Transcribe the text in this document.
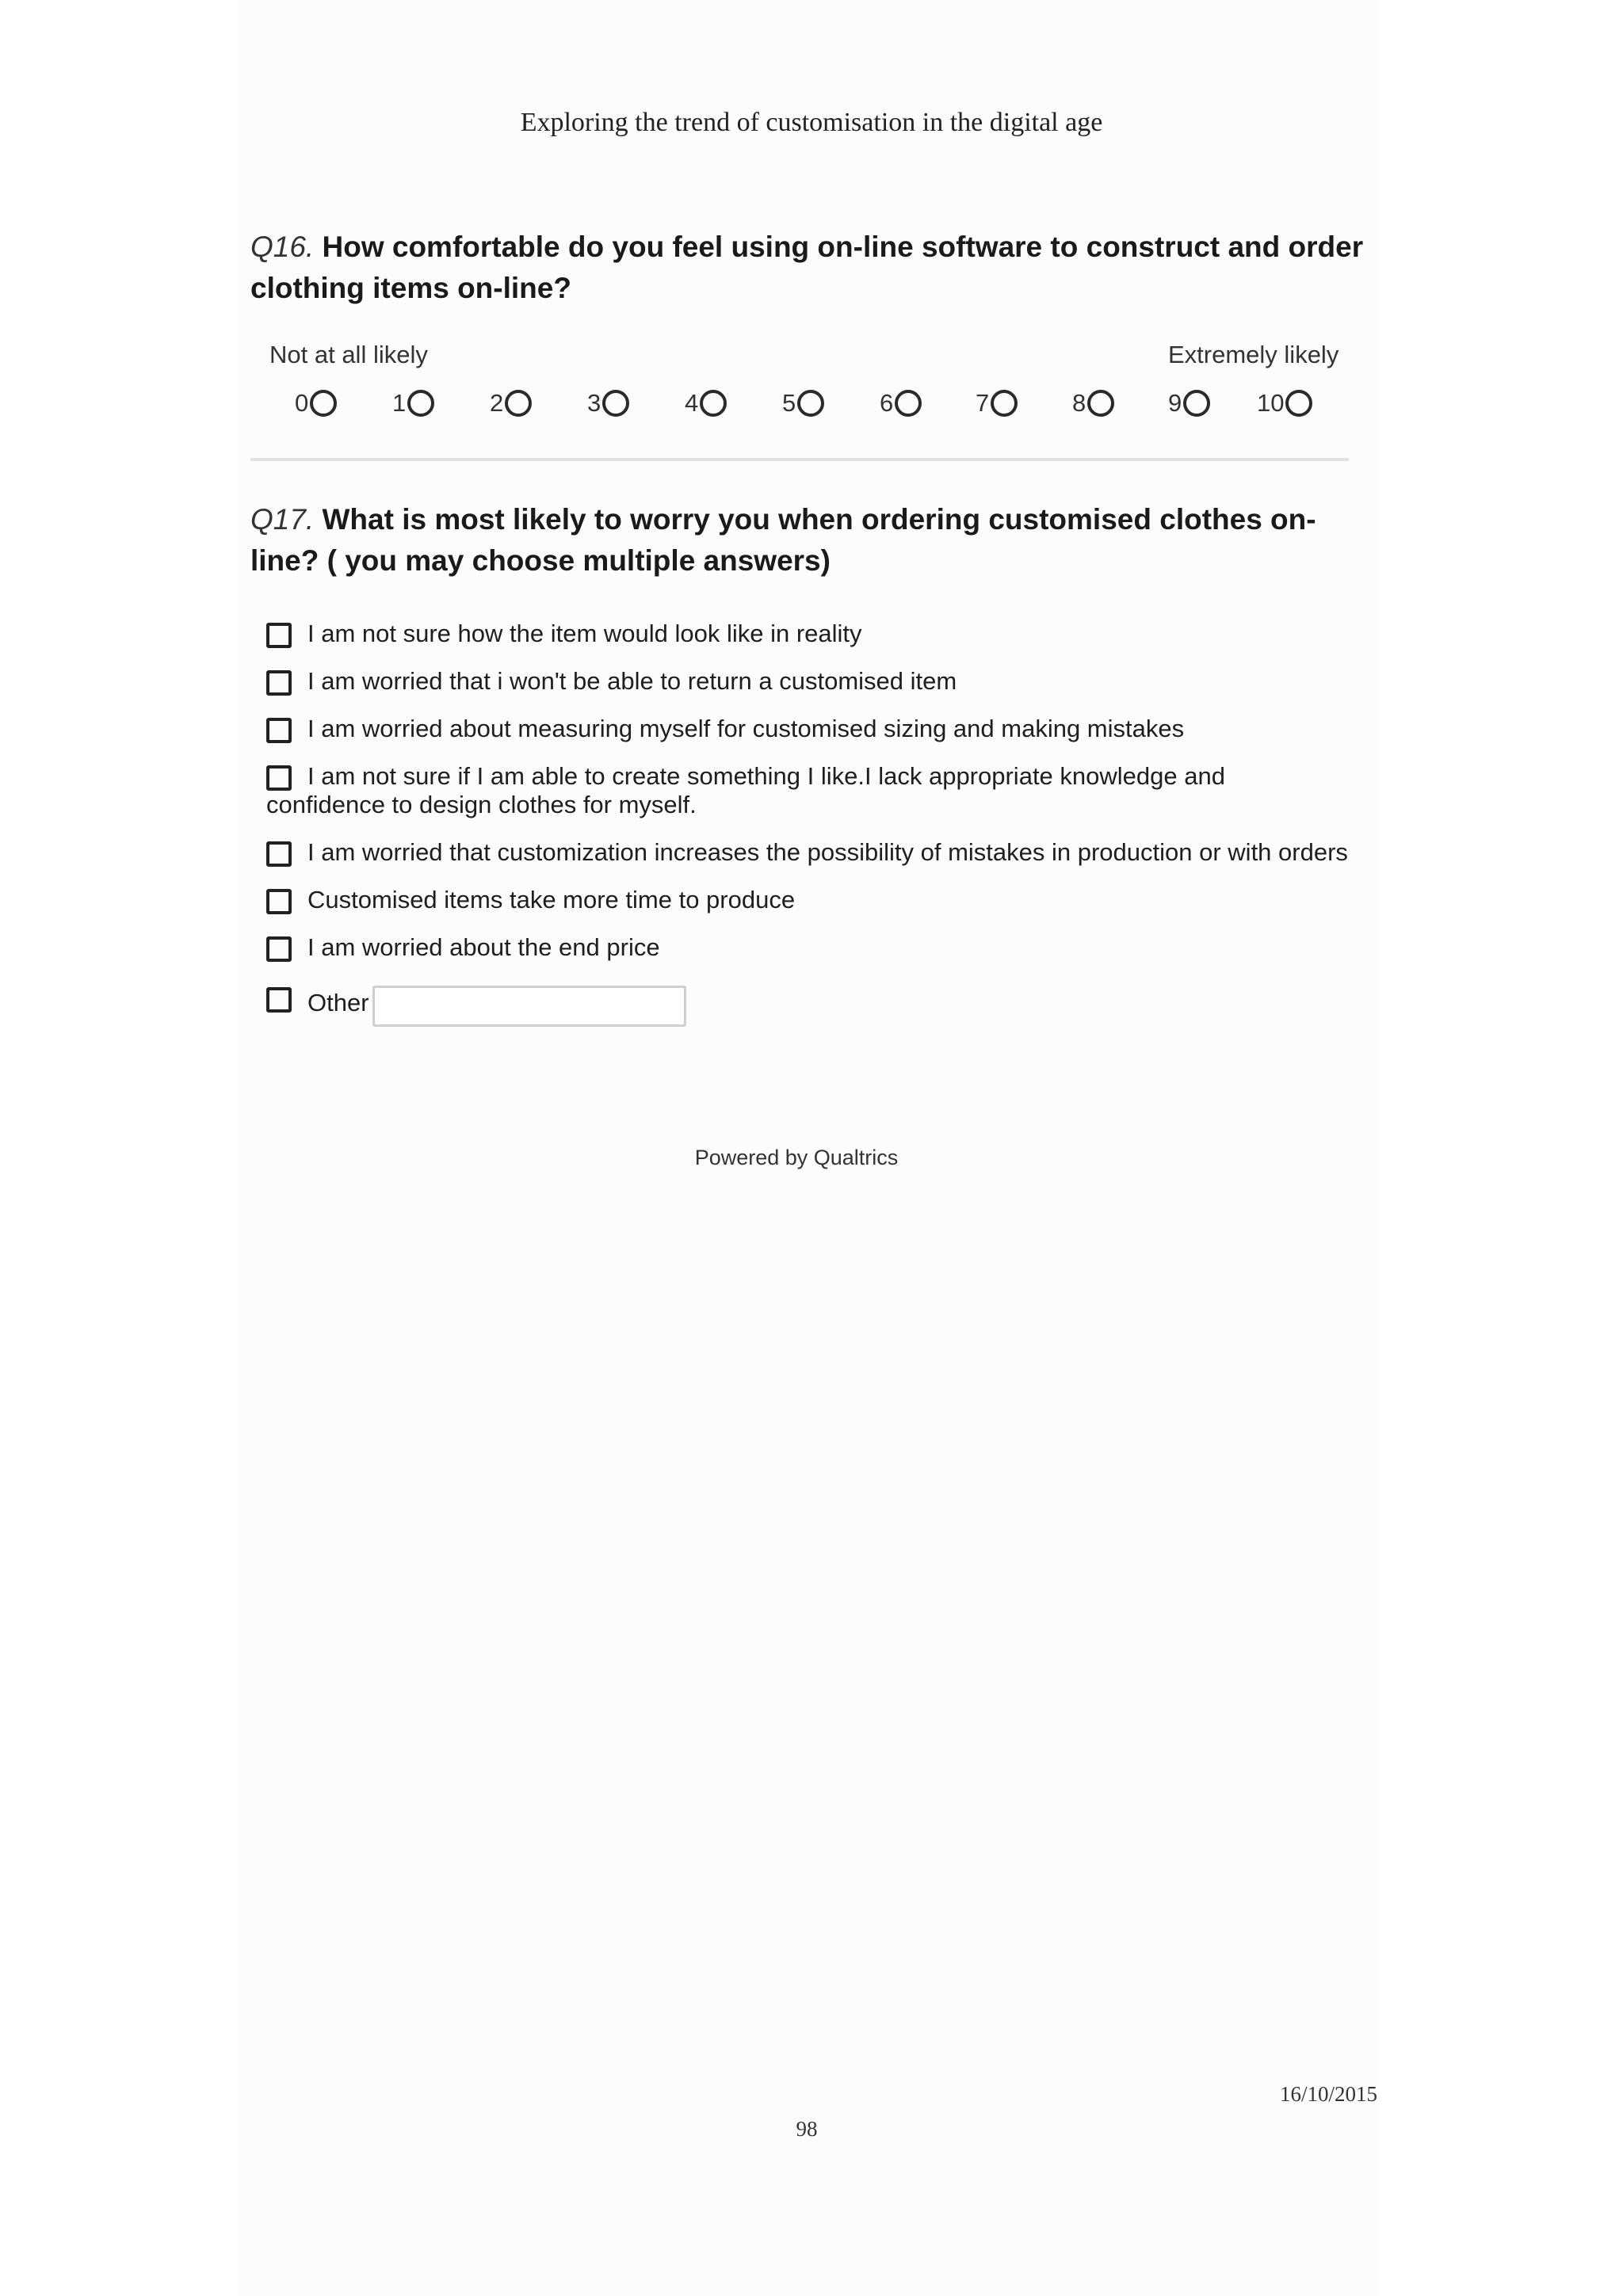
Exploring the trend of customisation in the digital age
Q16. How comfortable do you feel using on-line software to construct and order clothing items on-line?
Not at all likely	Extremely likely
0	1	2	3	4	5	6	7	8	9	10
Q17. What is most likely to worry you when ordering customised clothes on-line? ( you may choose multiple answers)
I am not sure how the item would look like in reality
I am worried that i won't be able to return a customised item
I am worried about measuring myself for customised sizing and making mistakes
I am not sure if I am able to create something I like.I lack appropriate knowledge and confidence to design clothes for myself.
I am worried that customization increases the possibility of mistakes in production or with orders
Customised items take more time to produce
I am worried about the end price
Other
Powered by Qualtrics
16/10/2015
98
